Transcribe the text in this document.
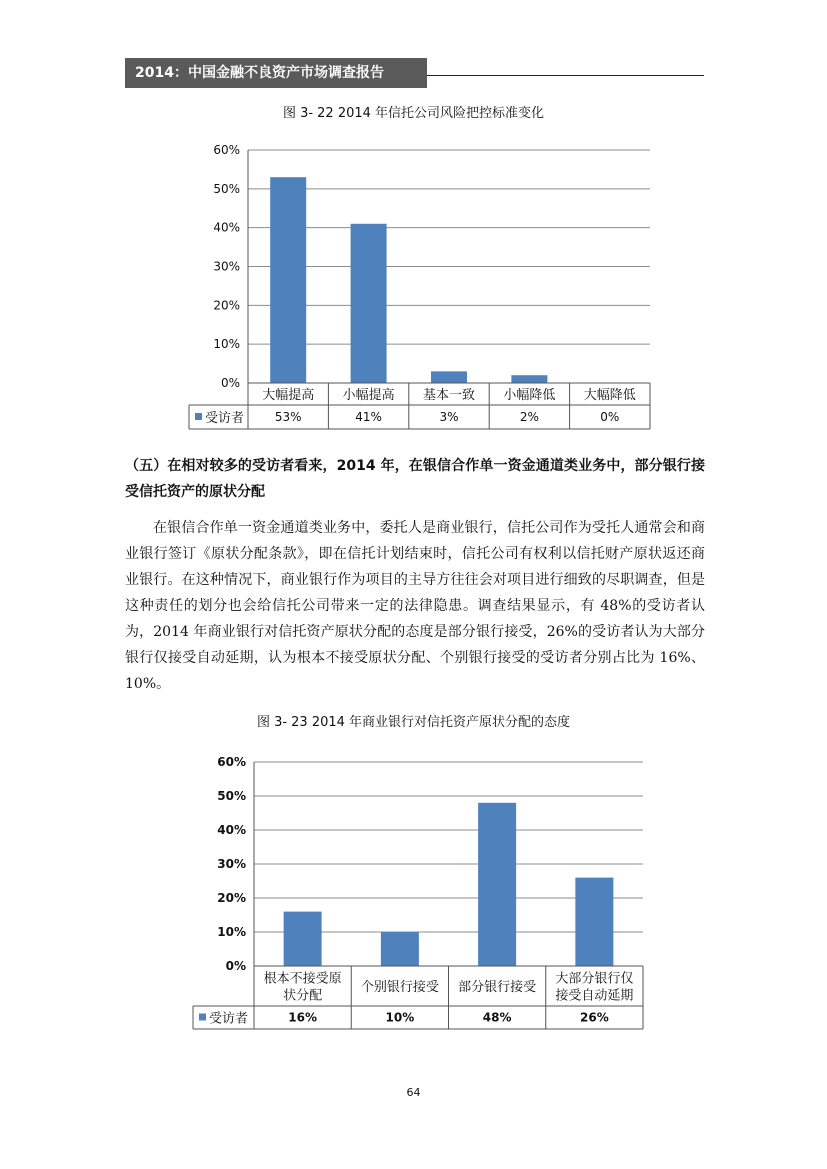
2014：中国金融不良资产市场调查报告
图 3- 22 2014 年信托公司风险把控标准变化
0%
10%
20%
30%
40%
50%
60%
大幅提高
53%
小幅提高
41%
基本一致
3%
小幅降低
2%
大幅降低
0%
受访者
（五）在相对较多的受访者看来，2014 年，在银信合作单一资金通道类业务中，部分银行接受信托资产的原状分配
在银信合作单一资金通道类业务中，委托人是商业银行，信托公司作为受托人通常会和商业银行签订《原状分配条款》，即在信托计划结束时，信托公司有权利以信托财产原状返还商业银行。在这种情况下，商业银行作为项目的主导方往往会对项目进行细致的尽职调查，但是这种责任的划分也会给信托公司带来一定的法律隐患。调查结果显示，有 48%的受访者认为，2014 年商业银行对信托资产原状分配的态度是部分银行接受，26%的受访者认为大部分银行仅接受自动延期，认为根本不接受原状分配、个别银行接受的受访者分别占比为 16%、10%。
图 3- 23 2014 年商业银行对信托资产原状分配的态度
0%
10%
20%
30%
40%
50%
60%
根本不接受原
状分配
16%
个别银行接受
10%
部分银行接受
48%
大部分银行仅
接受自动延期
26%
受访者
64
